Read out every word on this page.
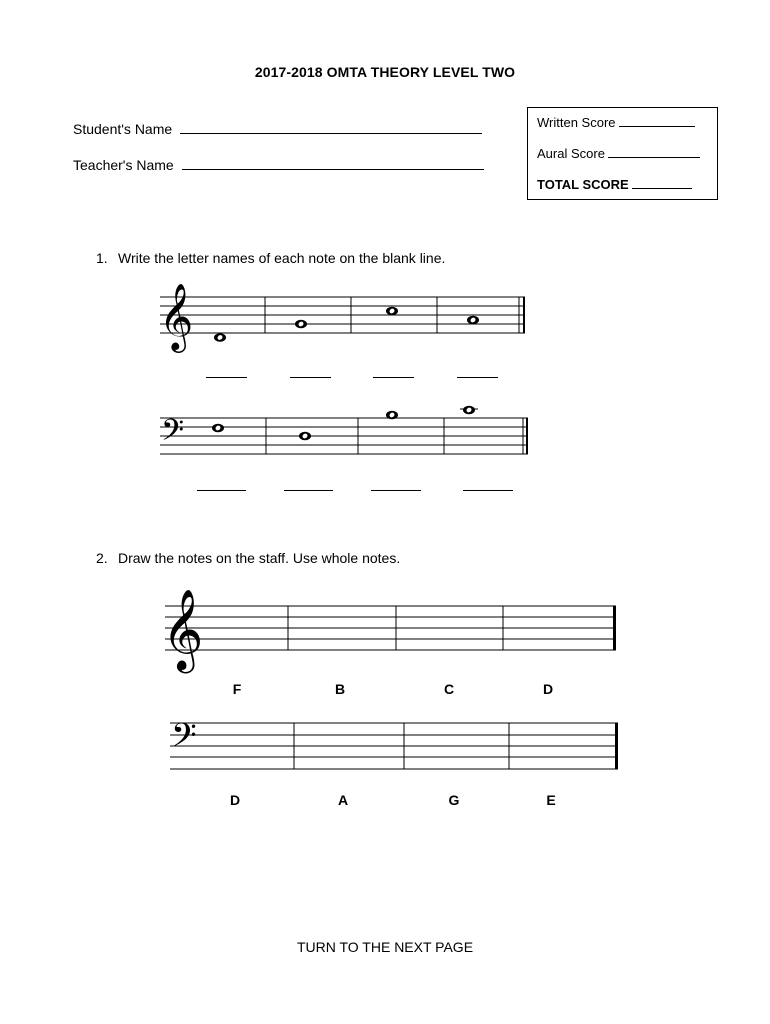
2017-2018 OMTA THEORY LEVEL TWO
Student's Name
Teacher's Name
Written Score
Aural Score
TOTAL SCORE
1. Write the letter names of each note on the blank line.
𝄞
𝄢
2. Draw the notes on the staff. Use whole notes.
𝄞
F	B	C	D
𝄢
D	A	G	E
TURN TO THE NEXT PAGE
